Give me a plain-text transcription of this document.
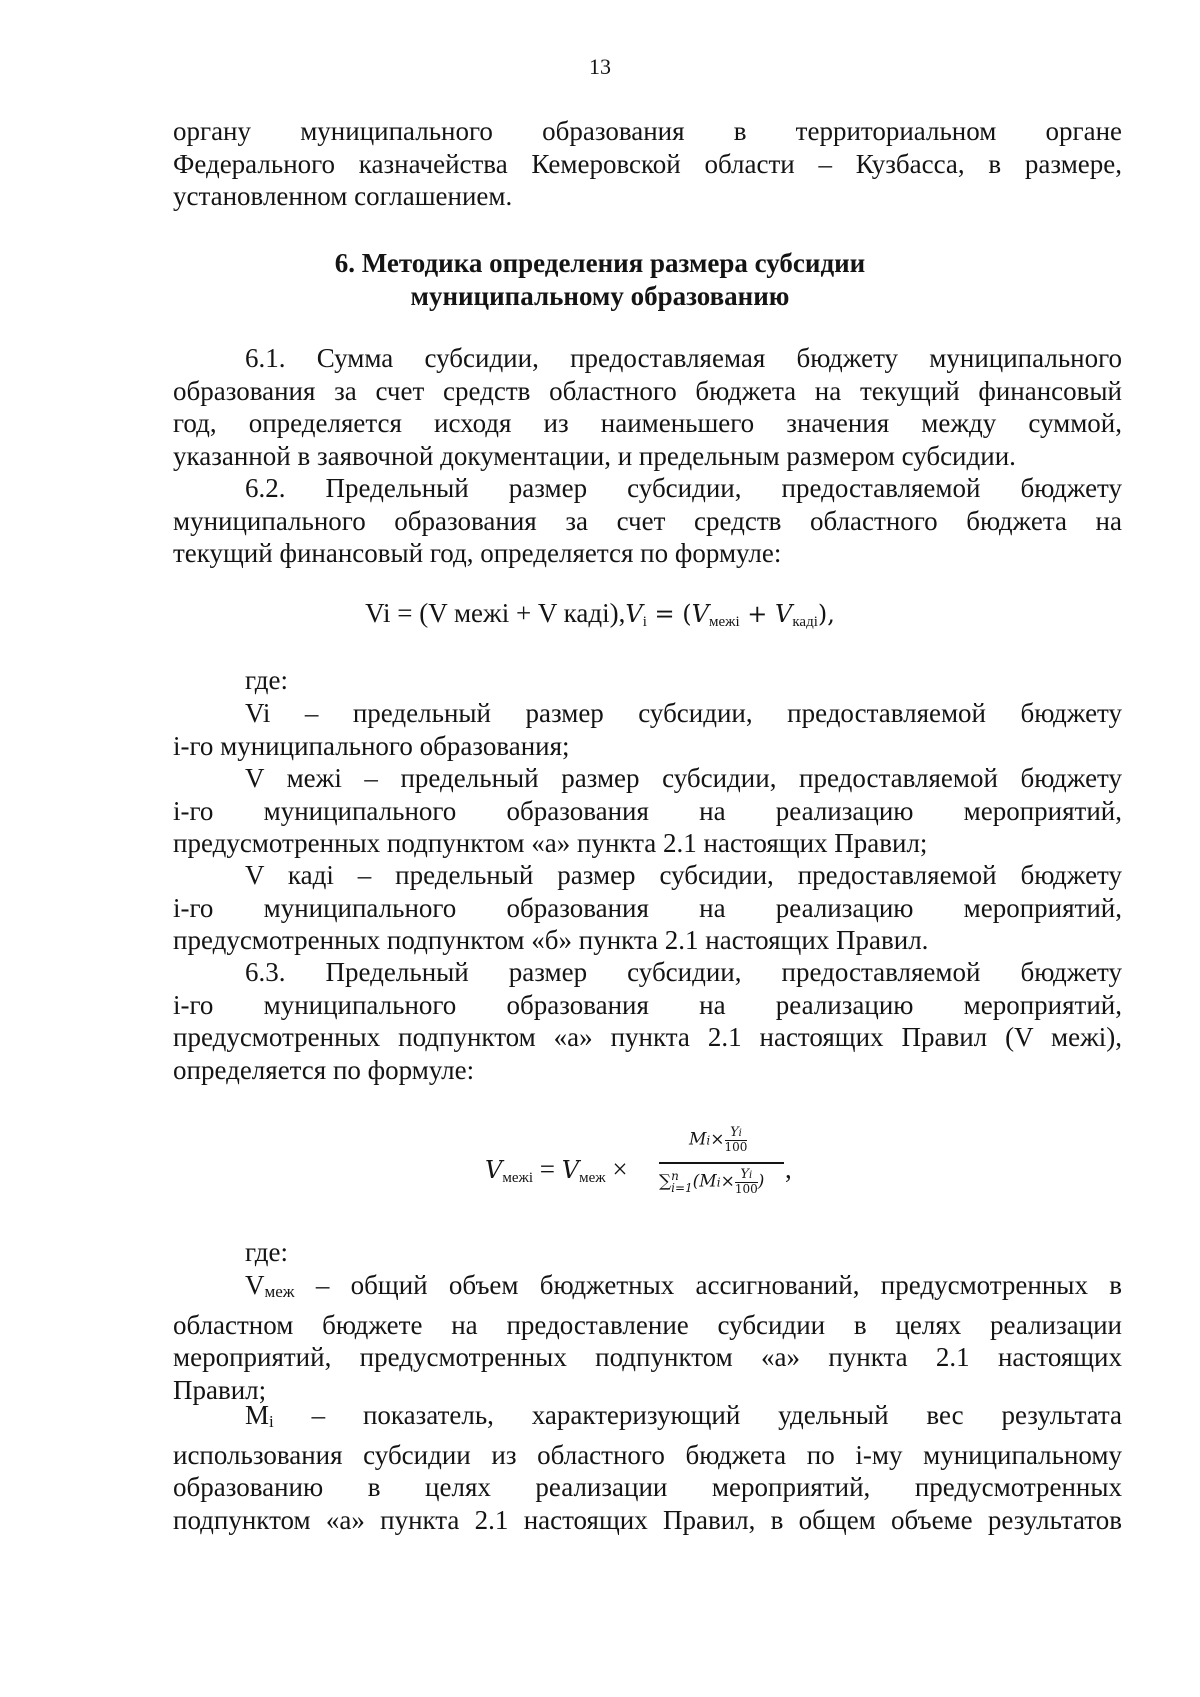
13
органу муниципального образования в территориальном органе
Федерального казначейства Кемеровской области – Кузбасса, в размере,
установленном соглашением.
6. Методика определения размера субсидии
муниципальному образованию
6.1. Сумма субсидии, предоставляемая бюджету муниципального
образования за счет средств областного бюджета на текущий финансовый
год, определяется исходя из наименьшего значения между суммой,
указанной в заявочной документации, и предельным размером субсидии.
6.2. Предельный размер субсидии, предоставляемой бюджету
муниципального образования за счет средств областного бюджета на
текущий финансовый год, определяется по формуле:
Vi = (V межі + V каді),Vi = (Vмежі + Vкаді),
где:
Vi – предельный размер субсидии, предоставляемой бюджету
i-го муниципального образования;
V межі – предельный размер субсидии, предоставляемой бюджету
i-го муниципального образования на реализацию мероприятий,
предусмотренных подпунктом «а» пункта 2.1 настоящих Правил;
V каді – предельный размер субсидии, предоставляемой бюджету
i-го муниципального образования на реализацию мероприятий,
предусмотренных подпунктом «б» пункта 2.1 настоящих Правил.
6.3. Предельный размер субсидии, предоставляемой бюджету
i-го муниципального образования на реализацию мероприятий,
предусмотренных подпунктом «а» пункта 2.1 настоящих Правил (V межі),
определяется по формуле:
Vмежі = Vмеж ×
$Mi\times \frac{Yi}{100}$
∑ n
i=1 ($Mi\times \frac{Yi}{100}$ ) ,
где:
Vмеж – общий объем бюджетных ассигнований, предусмотренных в
областном бюджете на предоставление субсидии в целях реализации
мероприятий, предусмотренных подпунктом «а» пункта 2.1 настоящих
Правил;
Mi – показатель, характеризующий удельный вес результата
использования субсидии из областного бюджета по i-му муниципальному
образованию в целях реализации мероприятий, предусмотренных
подпунктом «а» пункта 2.1 настоящих Правил, в общем объеме результатов
